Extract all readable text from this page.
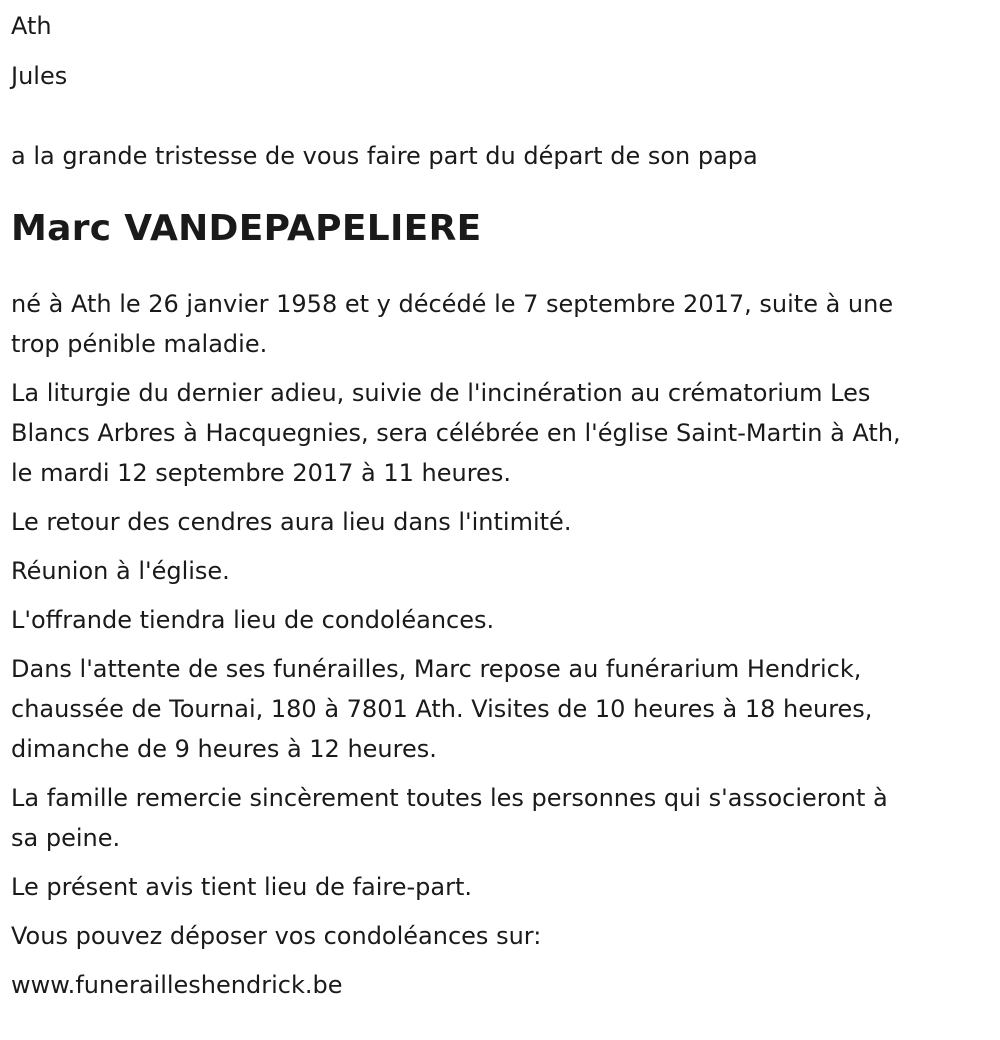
Ath

Jules

a la grande tristesse de vous faire part du départ de son papa

Marc VANDEPAPELIERE

né à Ath le 26 janvier 1958 et y décédé le 7 septembre 2017, suite à une
trop pénible maladie.

La liturgie du dernier adieu, suivie de l'incinération au crématorium Les
Blancs Arbres à Hacquegnies, sera célébrée en l'église Saint-Martin à Ath,
le mardi 12 septembre 2017 à 11 heures.

Le retour des cendres aura lieu dans l'intimité.

Réunion à l'église.

L'offrande tiendra lieu de condoléances.

Dans l'attente de ses funérailles, Marc repose au funérarium Hendrick,
chaussée de Tournai, 180 à 7801 Ath. Visites de 10 heures à 18 heures,
dimanche de 9 heures à 12 heures.

La famille remercie sincèrement toutes les personnes qui s'associeront à
sa peine.

Le présent avis tient lieu de faire-part.

Vous pouvez déposer vos condoléances sur:

www.funerailleshendrick.be
